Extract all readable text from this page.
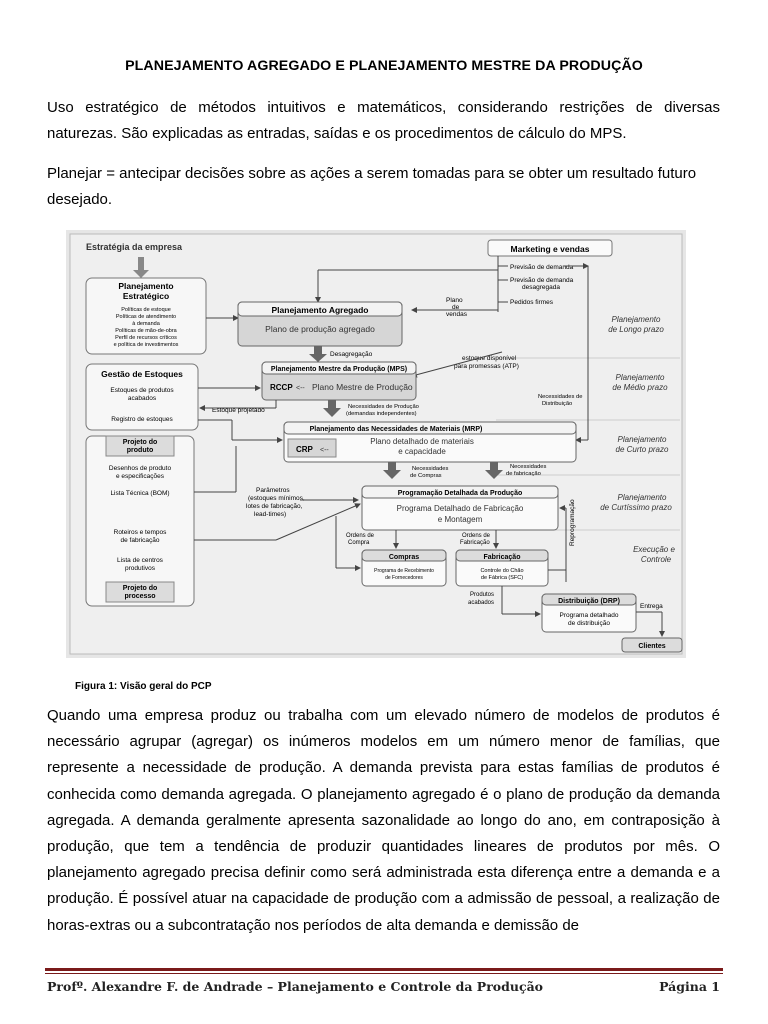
PLANEJAMENTO AGREGADO E PLANEJAMENTO MESTRE DA PRODUÇÃO

Uso estratégico de métodos intuitivos e matemáticos, considerando restrições de diversas naturezas. São explicadas as entradas, saídas e os procedimentos de cálculo do MPS.

Planejar = antecipar decisões sobre as ações a serem tomadas para se obter um resultado futuro desejado.

Estratégia da empresa
Planejamento
Estratégico
Políticas de estoque
Políticas de atendimento
à demanda
Políticas de mão-de-obra
Perfil de recursos críticos
e política de investimentos
Marketing e vendas
Previsão de demanda
Previsão de demanda
desagregada
Pedidos firmes
Plano
de
vendas
Planejamento Agregado
Plano de produção agregado
Desagregação
estoque disponível
para promessas (ATP)
Planejamento Mestre da Produção (MPS)
RCCP <-- Plano Mestre de Produção
Gestão de Estoques
Estoques de produtos
acabados
Registro de estoques
Estoque projetado	Necessidades de Produção
(demandas independentes)
Necessidades de
Distribuição
Planejamento das Necessidades de Materiais (MRP)
CRP <--
Plano detalhado de materiais
e capacidade
Necessidades
de Compras
Necessidades
de fabricação
Projeto do
produto
Desenhos de produto
e especificações
Lista Técnica (BOM)
Roteiros e tempos
de fabricação
Lista de centros
produtivos
Projeto do
processo
Parâmetros
(estoques mínimos,
lotes de fabricação,
lead-times)
Programação Detalhada da Produção
Programa Detalhado de Fabricação
e Montagem	Reprogramação
Ordens de
Compra
Ordens de
Fabricação
Compras
Programa de Recebimento
de Fornecedores
Fabricação
Controle do Chão
de Fábrica (SFC)
Produtos
acabados	Distribuição (DRP)
Programa detalhado
de distribuição
Entrega
Clientes
Planejamento
de Longo prazo
Planejamento
de Médio prazo
Planejamento
de Curto prazo
Planejamento
de Curtíssimo prazo
Execução e
Controle
Figura 1: Visão geral do PCP

Quando uma empresa produz ou trabalha com um elevado número de modelos de produtos é necessário agrupar (agregar) os inúmeros modelos em um número menor de famílias, que represente a necessidade de produção. A demanda prevista para estas famílias de produtos é conhecida como demanda agregada. O planejamento agregado é o plano de produção da demanda agregada. A demanda geralmente apresenta sazonalidade ao longo do ano, em contraposição à produção, que tem a tendência de produzir quantidades lineares de produtos por mês. O planejamento agregado precisa definir como será administrada esta diferença entre a demanda e a produção. É possível atuar na capacidade de produção com a admissão de pessoal, a realização de horas-extras ou a subcontratação nos períodos de alta demanda e demissão de

Profº. Alexandre F. de Andrade – Planejamento e Controle da Produção	Página 1
